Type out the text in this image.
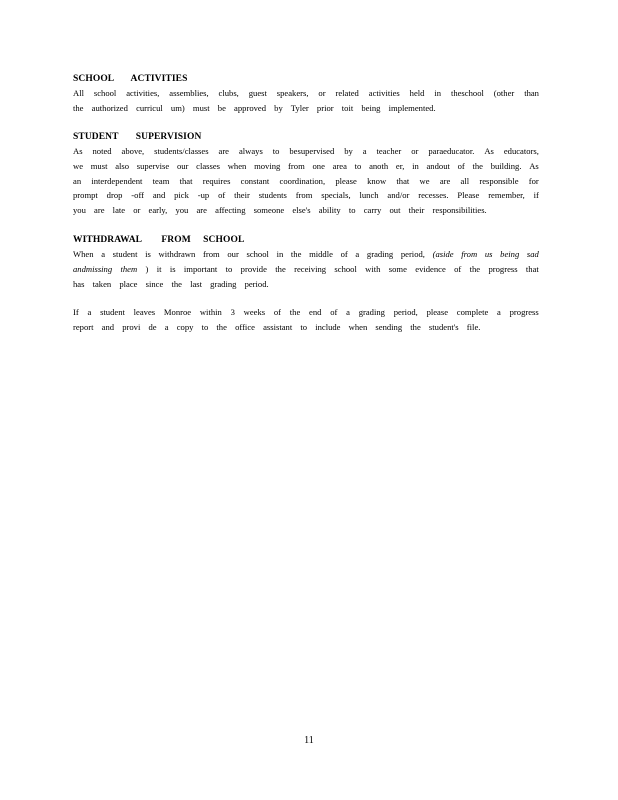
SCHOOL       ACTIVITIES
All school activities, assemblies, clubs, guest speakers, or related activities held in theschool (other than
the authorized curricul um) must be approved by Tyler prior toit being implemented.
STUDENT       SUPERVISION
As noted above, students/classes are always to besupervised by a teacher or paraeducator. As educators,
we must also supervise our classes when moving from one area to anoth er, in andout of the building. As
an interdependent team that requires constant coordination, please know that we are all responsible for
prompt drop -off and pick -up of their students from specials, lunch and/or recesses. Please remember, if
you are late or early, you are affecting someone else's ability to carry out their responsibilities.
WITHDRAWAL        FROM     SCHOOL
When a student is withdrawn from our school in the middle of a grading period, (aside from us being sad
andmissing them ) it is important to provide the receiving school with some evidence of the progress that
has taken place since the last grading period.
If a student leaves Monroe within 3 weeks of the end of a grading period, please complete a progress
report and provi de a copy to the office assistant to include when sending the student's file.
11
